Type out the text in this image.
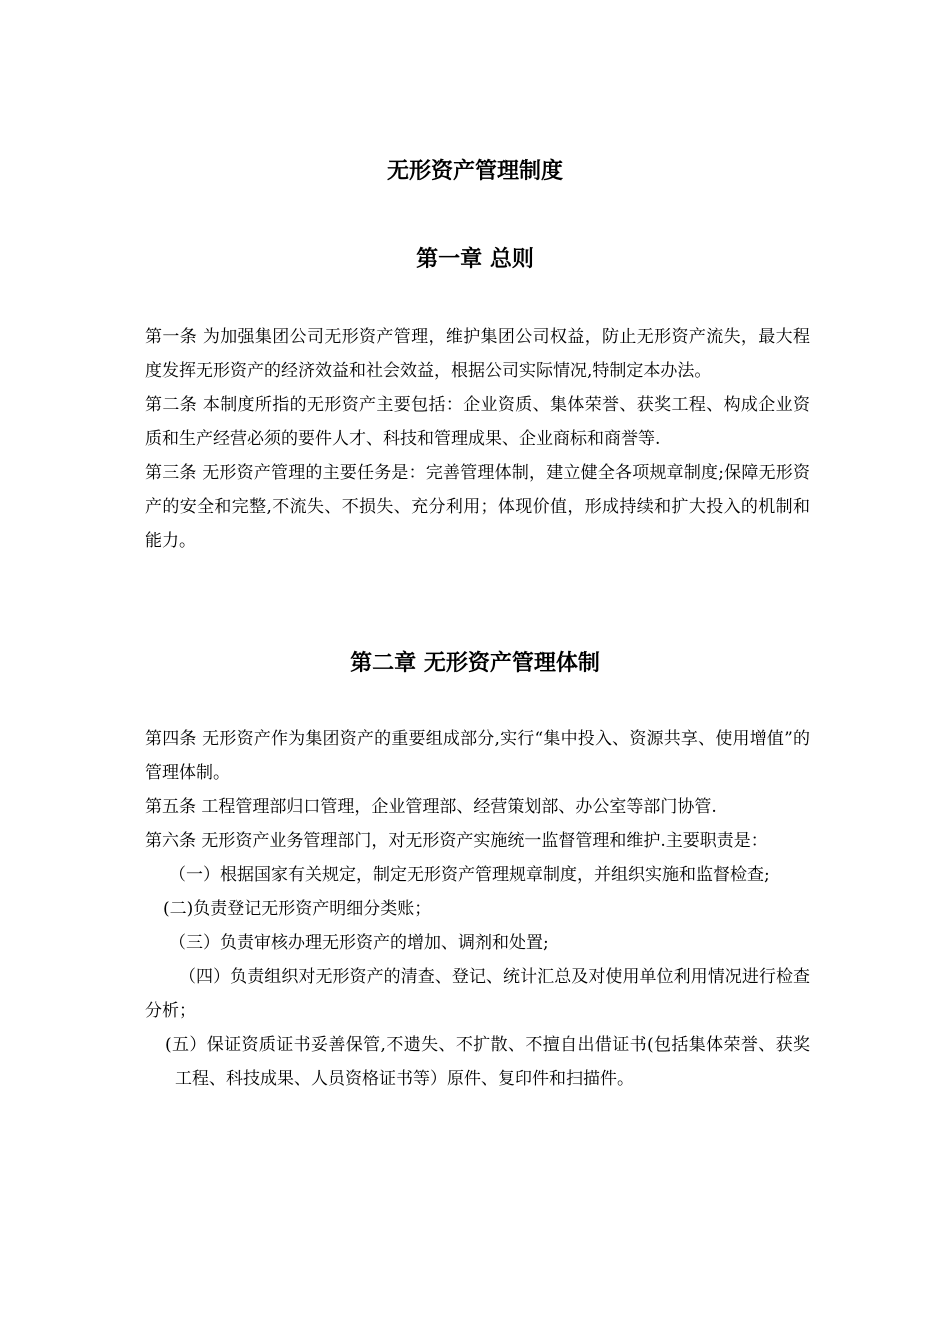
无形资产管理制度
第一章 总则

第一条 为加强集团公司无形资产管理，维护集团公司权益，防止无形资产流失，最大程度发挥无形资产的经济效益和社会效益，根据公司实际情况,特制定本办法。

第二条 本制度所指的无形资产主要包括：企业资质、集体荣誉、获奖工程、构成企业资质和生产经营必须的要件人才、科技和管理成果、企业商标和商誉等.

第三条 无形资产管理的主要任务是：完善管理体制，建立健全各项规章制度;保障无形资产的安全和完整,不流失、不损失、充分利用；体现价值，形成持续和扩大投入的机制和能力。

第二章 无形资产管理体制

第四条 无形资产作为集团资产的重要组成部分,实行“集中投入、资源共享、使用增值”的管理体制。

第五条 工程管理部归口管理，企业管理部、经营策划部、办公室等部门协管.

第六条 无形资产业务管理部门，对无形资产实施统一监督管理和维护.主要职责是：

（一）根据国家有关规定，制定无形资产管理规章制度，并组织实施和监督检查;

(二)负责登记无形资产明细分类账；

（三）负责审核办理无形资产的增加、调剂和处置;

（四）负责组织对无形资产的清查、登记、统计汇总及对使用单位利用情况进行检查分析；

(五）保证资质证书妥善保管,不遗失、不扩散、不擅自出借证书(包括集体荣誉、获奖工程、科技成果、人员资格证书等）原件、复印件和扫描件。
